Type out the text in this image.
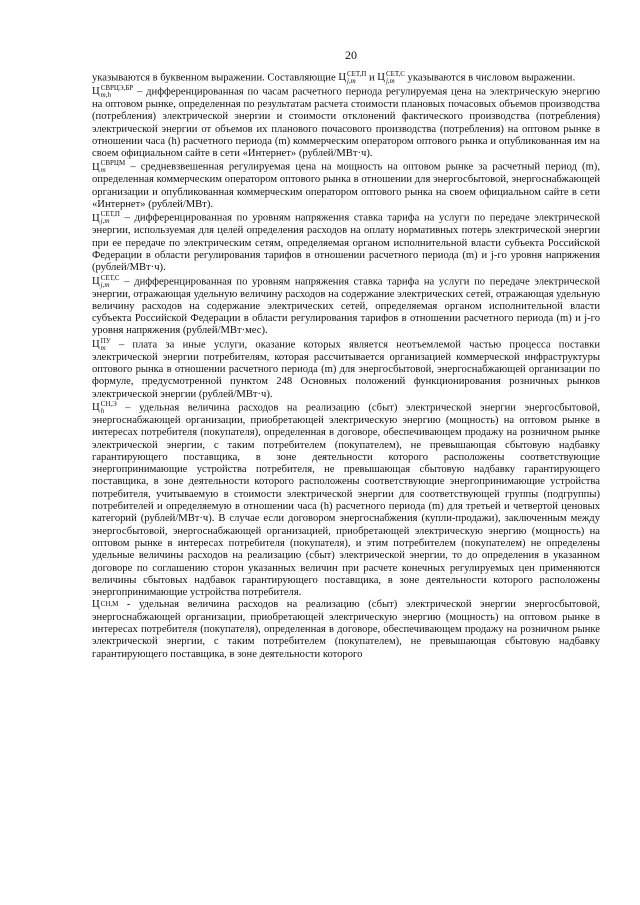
20

указываются в буквенном выражении. Составляющие Ц СЕТ,П
j,m и Ц СЕТ,С
j,m указываются в числовом выражении.

Ц СВРЦЭ,БР
m,h	– дифференцированная по часам расчетного периода регулируемая цена на электрическую энергию на оптовом рынке, определенная по результатам расчета стоимости плановых почасовых объемов производства (потребления) электрической энергии и стоимости отклонений фактического производства (потребления) электрической энергии от объемов их планового почасового производства (потребления) на оптовом рынке в отношении часа (h) расчетного периода (m) коммерческим оператором оптового рынка и опубликованная им на своем официальном сайте в сети «Интернет» (рублей/МВт·ч).

Ц СВРЦМ
m	– средневзвешенная регулируемая цена на мощность на оптовом рынке за расчетный период (m), определенная коммерческим оператором оптового рынка в отношении для энергосбытовой, энергоснабжающей организации и опубликованная коммерческим оператором оптового рынка на своем официальном сайте в сети «Интернет» (рублей/МВт).

Ц СЕТ,П
j,m – дифференцированная по уровням напряжения ставка тарифа на услуги по передаче электрической энергии, используемая для целей определения расходов на оплату нормативных потерь электрической энергии при ее передаче по электрическим сетям, определяемая органом исполнительной власти субъекта Российской Федерации в области регулирования тарифов в отношении расчетного периода (m) и j-го уровня напряжения (рублей/МВт·ч).

Ц СЕТ,С
j,m – дифференцированная по уровням напряжения ставка тарифа на услуги по передаче электрической энергии, отражающая удельную величину расходов на содержание электрических сетей, отражающая удельную величину расходов на содержание электрических сетей, определяемая органом исполнительной власти субъекта Российской Федерации в области регулирования тарифов в отношении расчетного периода (m) и j-го уровня напряжения (рублей/МВт·мес).

Ц ПУ
m – плата за иные услуги, оказание которых является неотъемлемой частью процесса поставки электрической энергии потребителям, которая рассчитывается организацией коммерческой инфраструктуры оптового рынка в отношении расчетного периода (m) для энергосбытовой, энергоснабжающей организации по формуле, предусмотренной пунктом 248 Основных положений функционирования розничных рынков электрической энергии (рублей/МВт·ч).

Ц СН,Э
h	– удельная величина расходов на реализацию (сбыт) электрической энергии энергосбытовой, энергоснабжающей организации, приобретающей электрическую энергию (мощность) на оптовом рынке в интересах потребителя (покупателя), определенная в договоре, обеспечивающем продажу на розничном рынке электрической энергии, с таким потребителем (покупателем), не превышающая сбытовую надбавку гарантирующего поставщика, в зоне деятельности которого расположены соответствующие энергопринимающие устройства потребителя, не превышающая сбытовую надбавку гарантирующего поставщика, в зоне деятельности которого расположены соответствующие энергопринимающие устройства потребителя, учитываемую в стоимости электрической энергии для соответствующей группы (подгруппы) потребителей и определяемую в отношении часа (h) расчетного периода (m) для третьей и четвертой ценовых категорий (рублей/МВт·ч). В случае если договором энергоснабжения (купли-продажи), заключенным между энергосбытовой, энергоснабжающей организацией, приобретающей электрическую энергию (мощность) на оптовом рынке в интересах потребителя (покупателя), и этим потребителем (покупателем) не определены удельные величины расходов на реализацию (сбыт) электрической энергии, то до определения в указанном договоре по соглашению сторон указанных величин при расчете конечных регулируемых цен применяются величины сбытовых надбавок гарантирующего поставщика, в зоне деятельности которого расположены энергопринимающие устройства потребителя.

Ц СН,М - удельная величина расходов на реализацию (сбыт) электрической энергии энергосбытовой, энергоснабжающей организации, приобретающей электрическую энергию (мощность) на оптовом рынке в интересах потребителя (покупателя), определенная в договоре, обеспечивающем продажу на розничном рынке электрической энергии, с таким потребителем (покупателем), не превышающая сбытовую надбавку гарантирующего поставщика, в зоне деятельности которого
